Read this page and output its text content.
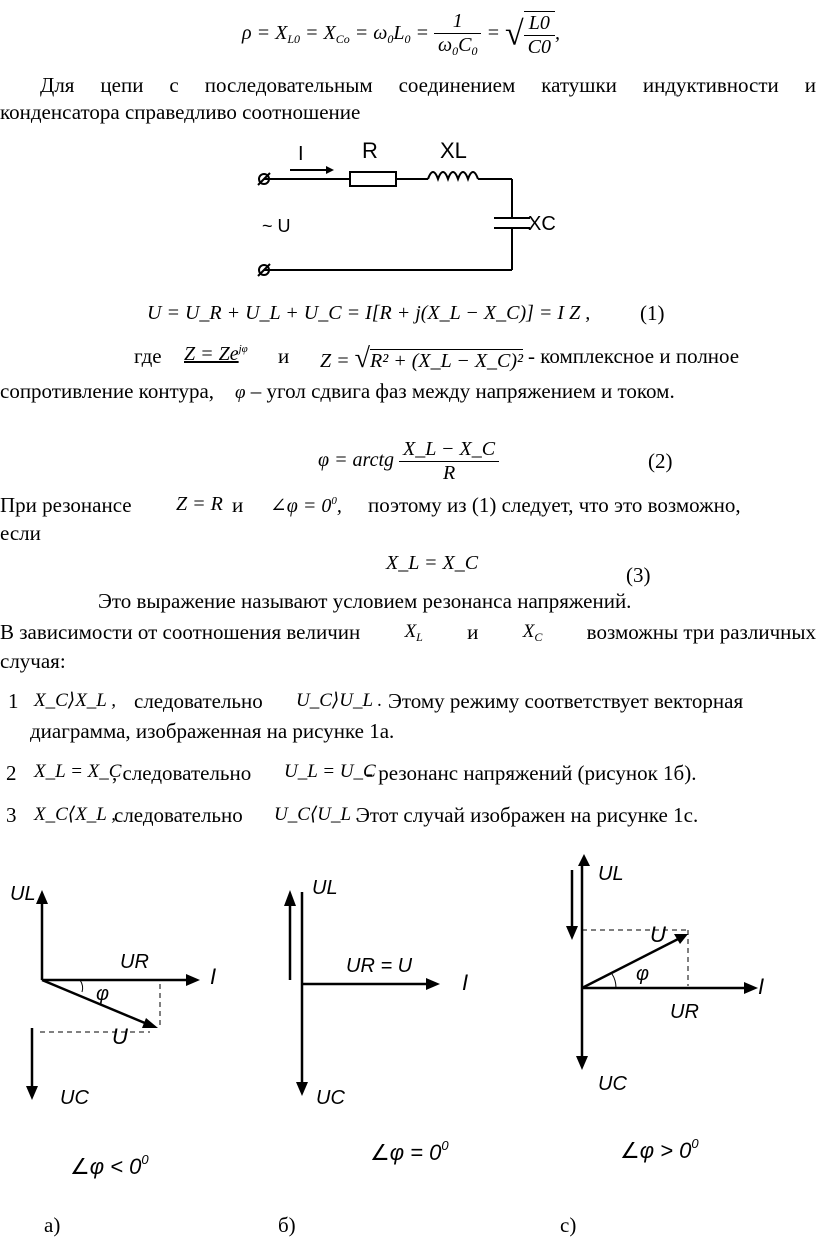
$\rho = X_{L0} = X_{Co} = \omega_0L_0 = \frac{1}{\omega_0C_0}$ = √ $\frac{L0}{C0}$ ,
Для цепи с последовательным соединением катушки индуктивности и
конденсатора справедливо соотношение
I	R	XL
XC
~ U
U = U_R + U_L + U_C = I[R + j(X_L − X_C)] = I Z , (1)
где $Z = Ze^{j\varphi}$ и Z = √R² + (X_L − X_C)² - комплексное и полное
сопротивление контура, φ – угол сдвига фаз между напряжением и током.
φ = arctg $\frac{X\_L - X\_C}{R}$	(2)
При резонансе Z = R и ∠φ = $0^0$, поэтому из (1) следует, что это возможно,
если
X_L = X_C	(3)
Это выражение называют условием резонанса напряжений.
В зависимости от соотношения величин $X_L$ и $X_C$ возможны три различных
случая:
1 X_C⟩X_L , следовательно U_C⟩U_L . Этому режиму соответствует векторная
диаграмма, изображенная на рисунке 1а.
2 X_L = X_C
, следовательно U_L = U_C
- резонанс напряжений (рисунок 1б).
3 X_C⟨X_L ,
следовательно U_C⟨U_L .
Этот случай изображен на рисунке 1с.
UL
UR
I
φ
U
UC
∠φ < $0^0$
UL
UR = U
I
UC
∠φ = $0^0$
UL
U
φ	I
UR
UC
∠φ > $0^0$
а)	б)	с)
